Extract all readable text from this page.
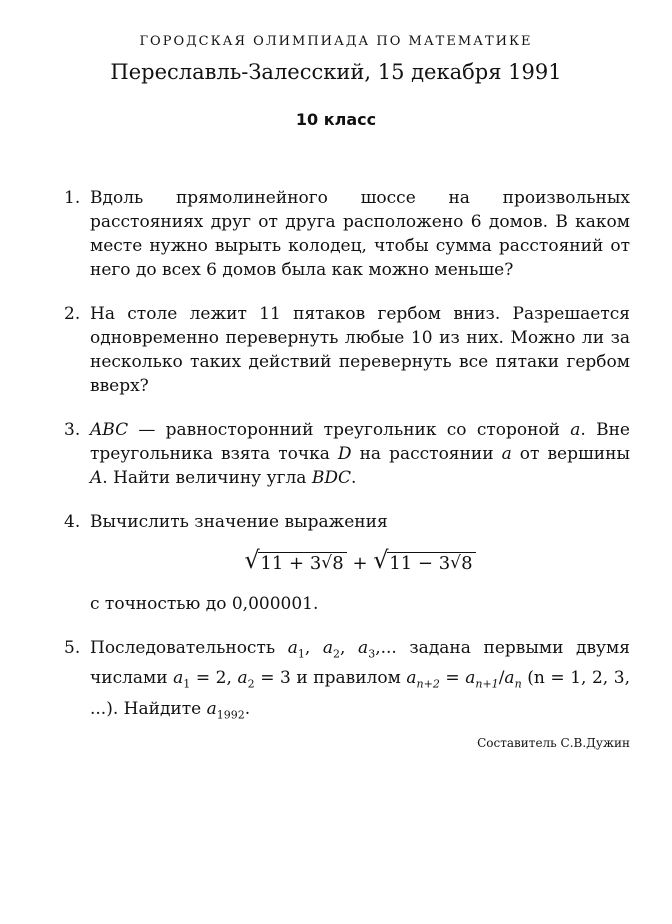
ГОРОДСКАЯ ОЛИМПИАДА ПО МАТЕМАТИКЕ
Переславль-Залесский, 15 декабря 1991
10 класс
1. Вдоль прямолинейного шоссе на произвольных расстояниях друг от друга расположено 6 домов. В каком месте нужно вырыть колодец, чтобы сумма расстояний от него до всех 6 домов была как можно меньше?
2. На столе лежит 11 пятаков гербом вниз. Разрешается одновременно перевернуть любые 10 из них. Можно ли за несколько таких действий перевернуть все пятаки гербом вверх?
3. ABC — равносторонний треугольник со стороной a. Вне треугольника взята точка D на расстоянии a от вершины A. Найти величину угла BDC.
4. Вычислить значение выражения
√ 11 + 3 √ 8 + √ 11 − 3 √ 8
с точностью до 0,000001.
5. Последовательность $a_1$, $a_2$, $a_3$,... задана первыми двумя числами $a_1 = 2$, $a_2 = 3$ и правилом $a_{n+2} = a_{n+1}/a_n$ (n = 1, 2, 3, ...). Найдите $a_{1992}$.
Составитель С.В.Дужин
